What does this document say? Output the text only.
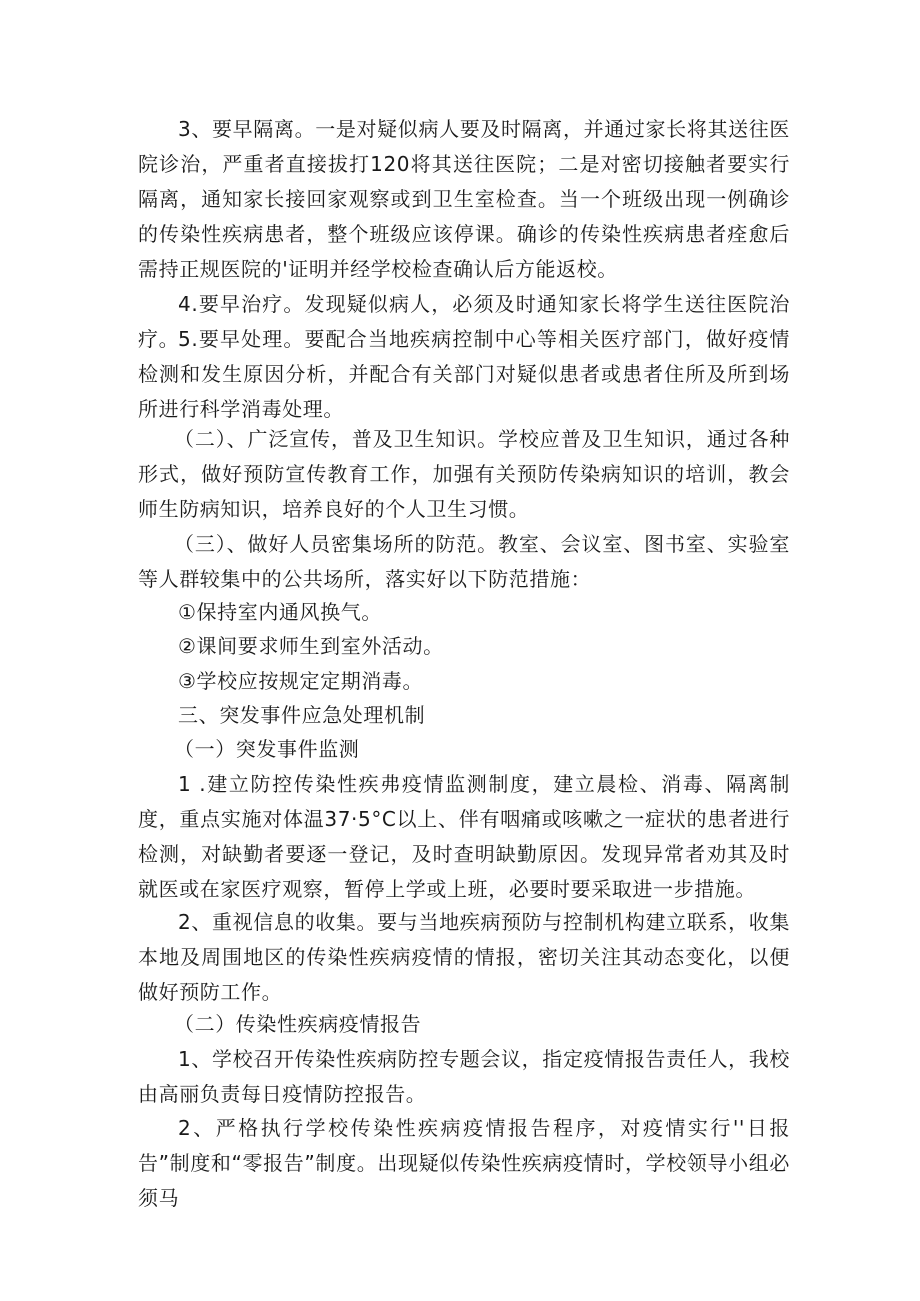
3、要早隔离。一是对疑似病人要及时隔离，并通过家长将其送往医院诊治，严重者直接拔打120将其送往医院；二是对密切接触者要实行隔离，通知家长接回家观察或到卫生室检查。当一个班级出现一例确诊的传染性疾病患者，整个班级应该停课。确诊的传染性疾病患者痊愈后需持正规医院的'证明并经学校检查确认后方能返校。

4.要早治疗。发现疑似病人，必须及时通知家长将学生送往医院治疗。

5.要早处理。要配合当地疾病控制中心等相关医疗部门，做好疫情检测和发生原因分析，并配合有关部门对疑似患者或患者住所及所到场所进行科学消毒处理。

（二）、广泛宣传，普及卫生知识。学校应普及卫生知识，通过各种形式，做好预防宣传教育工作，加强有关预防传染病知识的培训，教会师生防病知识，培养良好的个人卫生习惯。

（三）、做好人员密集场所的防范。教室、会议室、图书室、实验室等人群较集中的公共场所，落实好以下防范措施：

①保持室内通风换气。

②课间要求师生到室外活动。

③学校应按规定定期消毒。

三、突发事件应急处理机制

（一）突发事件监测

1 .建立防控传染性疾弗疫情监测制度，建立晨检、消毒、隔离制度，重点实施对体温37·5°C以上、伴有咽痛或咳嗽之一症状的患者进行检测，对缺勤者要逐一登记，及时查明缺勤原因。发现异常者劝其及时就医或在家医疗观察，暂停上学或上班，必要时要采取进一步措施。

2、重视信息的收集。要与当地疾病预防与控制机构建立联系，收集本地及周围地区的传染性疾病疫情的情报，密切关注其动态变化，以便做好预防工作。

（二）传染性疾病疫情报告

1、学校召开传染性疾病防控专题会议，指定疫情报告责任人，我校由高丽负责每日疫情防控报告。

2、严格执行学校传染性疾病疫情报告程序，对疫情实行''日报告”制度和“零报告”制度。出现疑似传染性疾病疫情时，学校领导小组必须马
